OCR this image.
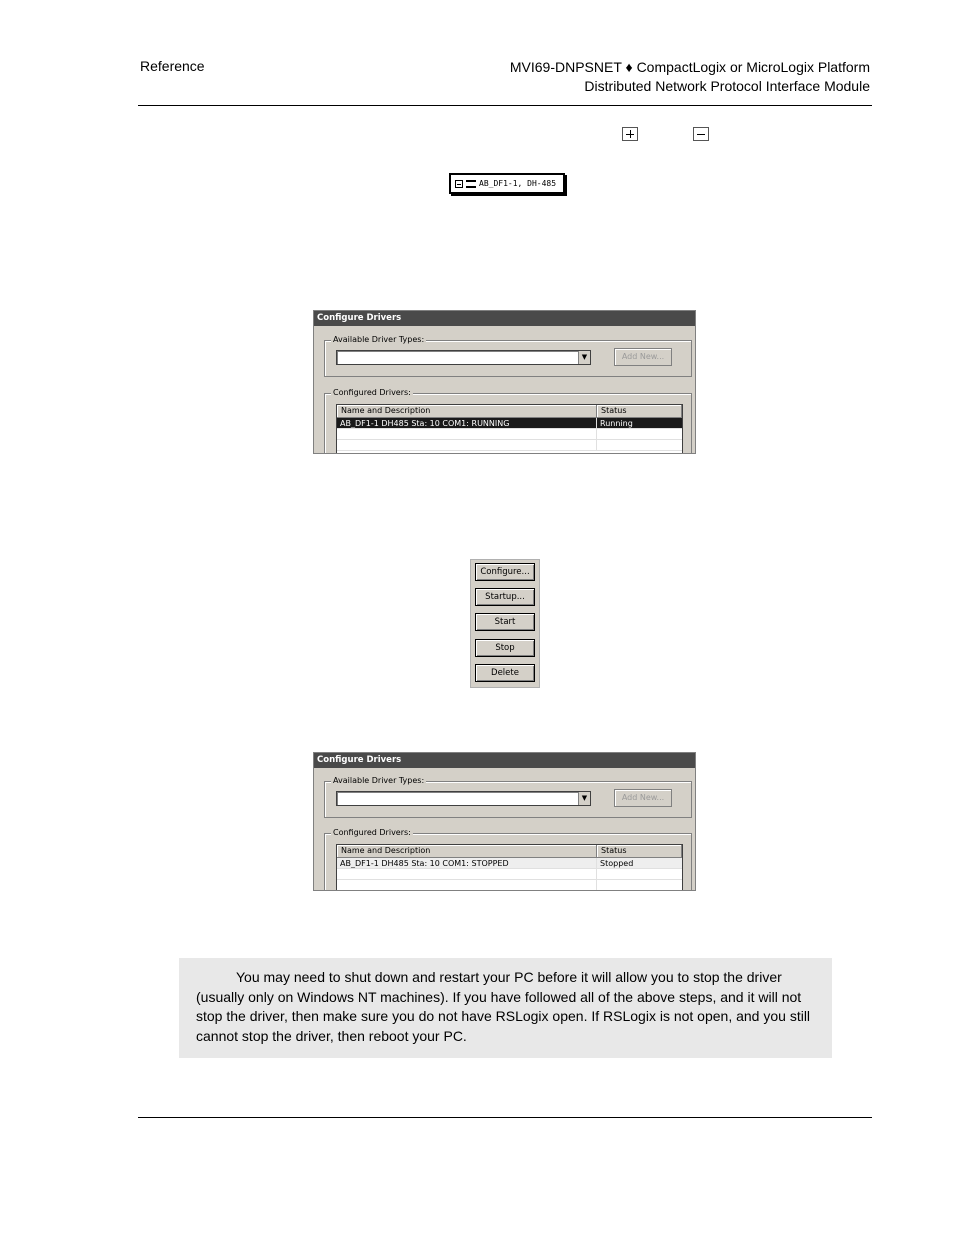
Reference	MVI69-DNPSNET ♦ CompactLogix or MicroLogix Platform
Distributed Network Protocol Interface Module
AB_DF1-1, DH-485
Configure Drivers
Available Driver Types:
▼	Add New...
Configured Drivers:
Name and Description	Status
AB_DF1-1 DH485 Sta: 10 COM1: RUNNING	Running
Configure...
Startup...
Start
Stop
Delete
Configure Drivers
Available Driver Types:
▼	Add New...
Configured Drivers:
Name and Description	Status
AB_DF1-1 DH485 Sta: 10 COM1: STOPPED	Stopped
You may need to shut down and restart your PC before it will allow you to stop the driver (usually only on Windows NT machines). If you have followed all of the above steps, and it will not stop the driver, then make sure you do not have RSLogix open. If RSLogix is not open, and you still cannot stop the driver, then reboot your PC.
